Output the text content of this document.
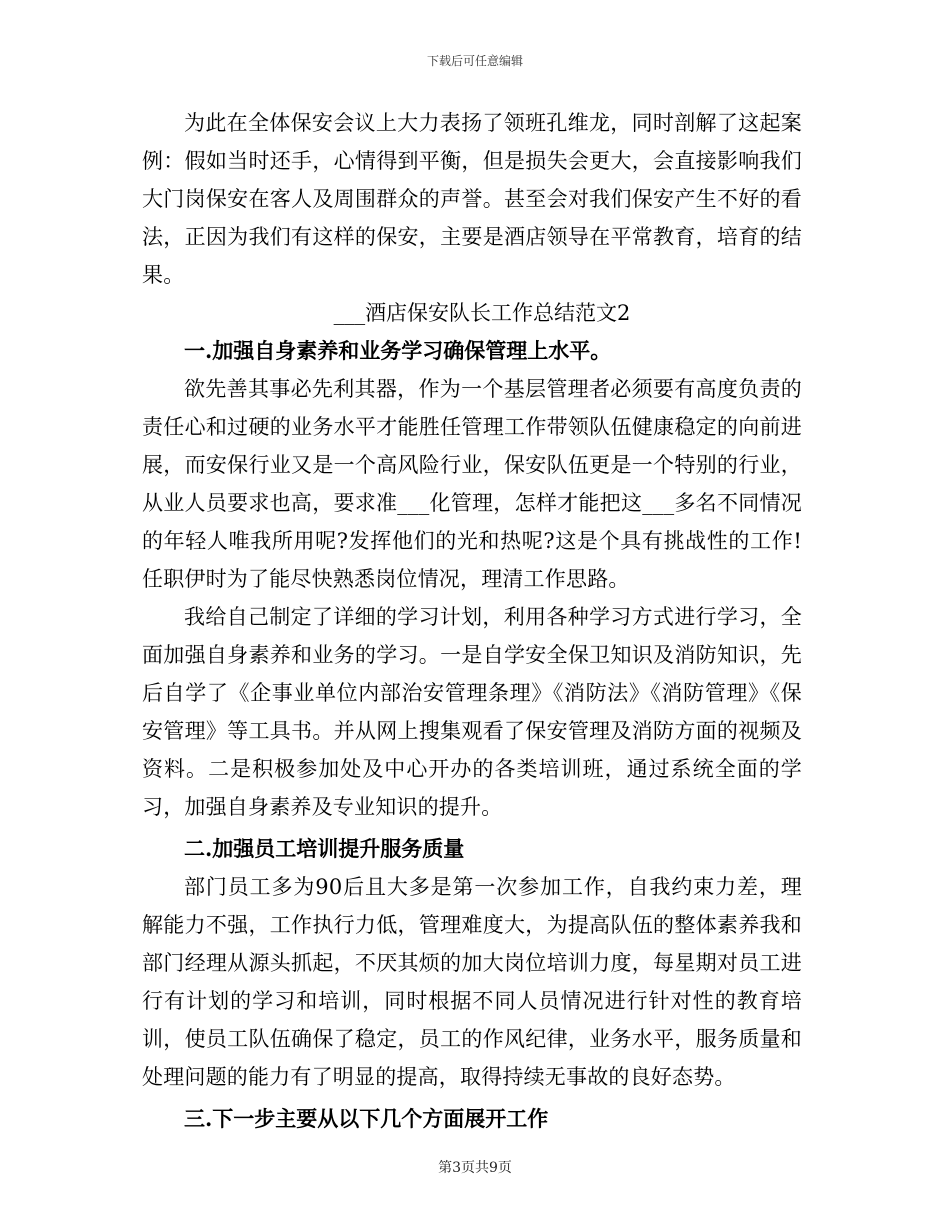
下载后可任意编辑

为此在全体保安会议上大力表扬了领班孔维龙，同时剖解了这起案例：假如当时还手，心情得到平衡，但是损失会更大，会直接影响我们大门岗保安在客人及周围群众的声誉。甚至会对我们保安产生不好的看法，正因为我们有这样的保安，主要是酒店领导在平常教育，培育的结果。

___酒店保安队长工作总结范文2

一.加强自身素养和业务学习确保管理上水平。

欲先善其事必先利其器，作为一个基层管理者必须要有高度负责的责任心和过硬的业务水平才能胜任管理工作带领队伍健康稳定的向前进展，而安保行业又是一个高风险行业，保安队伍更是一个特别的行业，从业人员要求也高，要求准___化管理，怎样才能把这___多名不同情况的年轻人唯我所用呢?发挥他们的光和热呢?这是个具有挑战性的工作!任职伊时为了能尽快熟悉岗位情况，理清工作思路。

我给自己制定了详细的学习计划，利用各种学习方式进行学习，全面加强自身素养和业务的学习。一是自学安全保卫知识及消防知识，先后自学了《企事业单位内部治安管理条理》《消防法》《消防管理》《保安管理》等工具书。并从网上搜集观看了保安管理及消防方面的视频及资料。二是积极参加处及中心开办的各类培训班，通过系统全面的学习，加强自身素养及专业知识的提升。

二.加强员工培训提升服务质量

部门员工多为90后且大多是第一次参加工作，自我约束力差，理解能力不强，工作执行力低，管理难度大，为提高队伍的整体素养我和部门经理从源头抓起，不厌其烦的加大岗位培训力度，每星期对员工进行有计划的学习和培训，同时根据不同人员情况进行针对性的教育培训，使员工队伍确保了稳定，员工的作风纪律，业务水平，服务质量和处理问题的能力有了明显的提高，取得持续无事故的良好态势。

三.下一步主要从以下几个方面展开工作

第3页共9页
